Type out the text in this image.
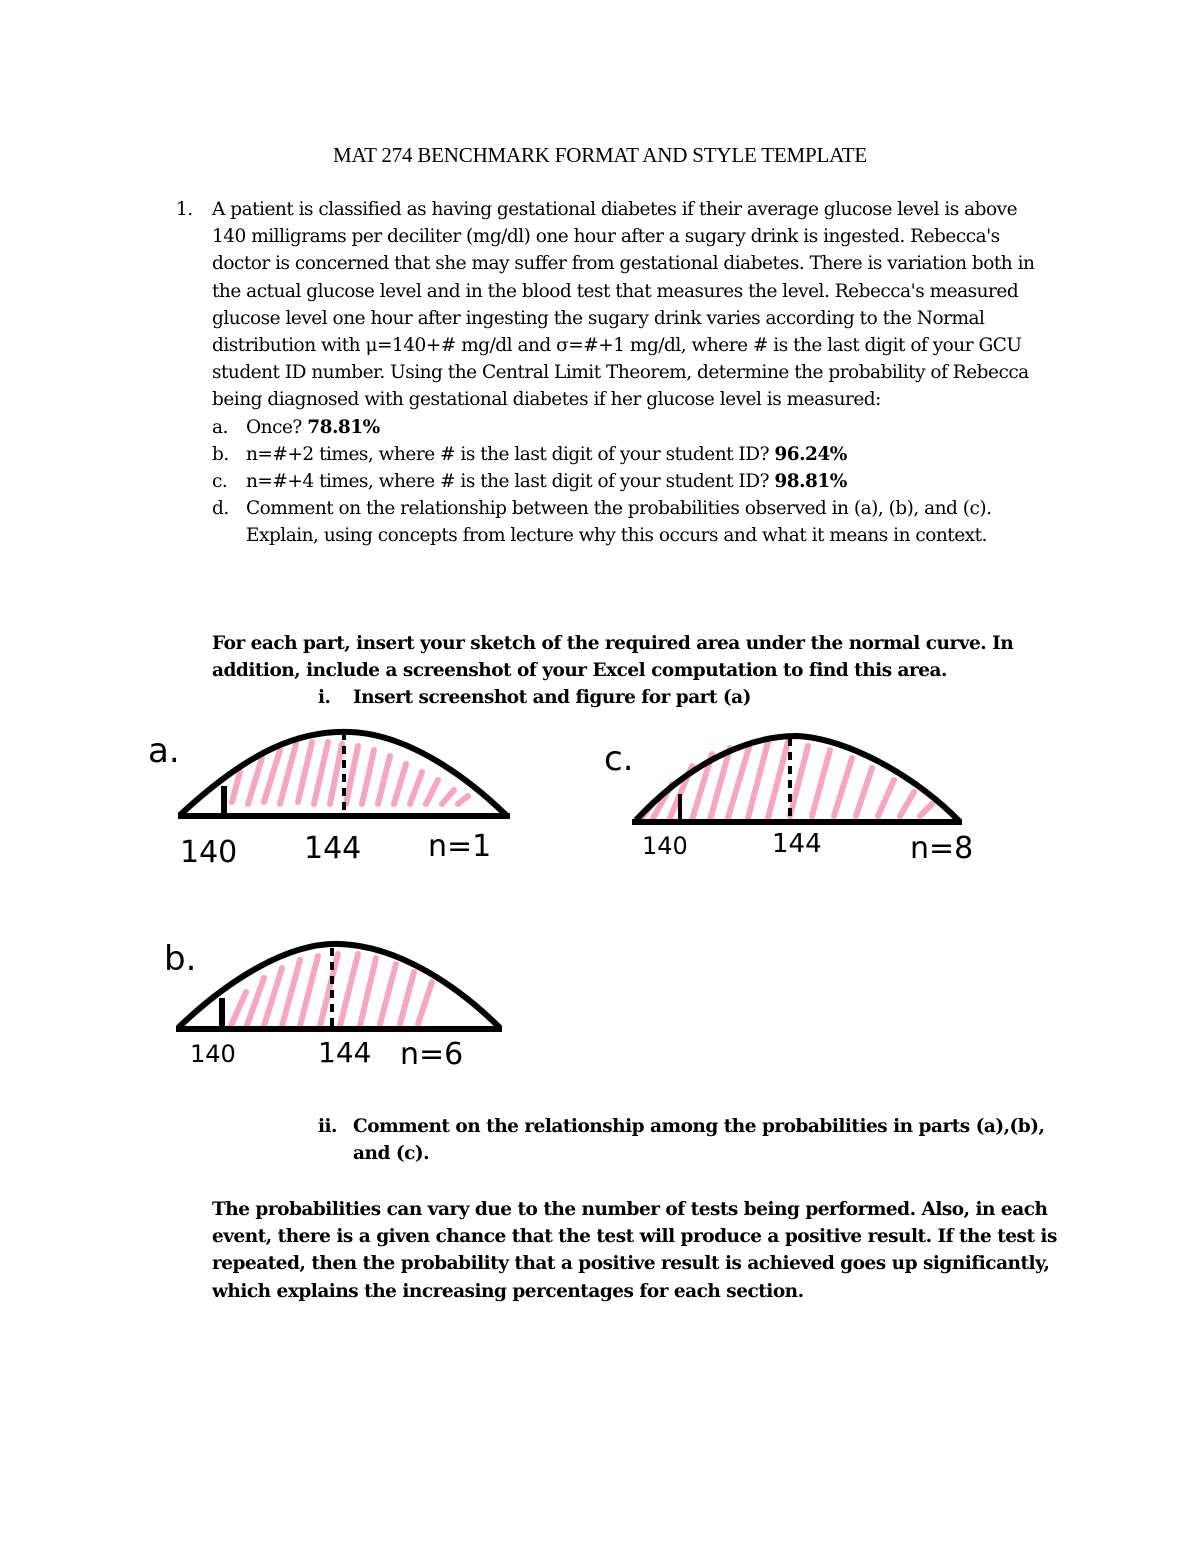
MAT 274 BENCHMARK FORMAT AND STYLE TEMPLATE
1. A patient is classified as having gestational diabetes if their average glucose level is above 140 milligrams per deciliter (mg/dl) one hour after a sugary drink is ingested. Rebecca's doctor is concerned that she may suffer from gestational diabetes. There is variation both in the actual glucose level and in the blood test that measures the level. Rebecca's measured glucose level one hour after ingesting the sugary drink varies according to the Normal distribution with μ=140+# mg/dl and σ=#+1 mg/dl, where # is the last digit of your GCU student ID number. Using the Central Limit Theorem, determine the probability of Rebecca being diagnosed with gestational diabetes if her glucose level is measured:
a. Once? 78.81%
b. n=#+2 times, where # is the last digit of your student ID? 96.24%
c. n=#+4 times, where # is the last digit of your student ID? 98.81%
d. Comment on the relationship between the probabilities observed in (a), (b), and (c). Explain, using concepts from lecture why this occurs and what it means in context.
For each part, insert your sketch of the required area under the normal curve. In addition, include a screenshot of your Excel computation to find this area.
i. Insert screenshot and figure for part (a)
a.
140 144 n=1
c.
140	144	n=8
b.
140	144 n=6
ii. Comment on the relationship among the probabilities in parts (a),(b), and (c).
The probabilities can vary due to the number of tests being performed. Also, in each event, there is a given chance that the test will produce a positive result. If the test is repeated, then the probability that a positive result is achieved goes up significantly, which explains the increasing percentages for each section.
